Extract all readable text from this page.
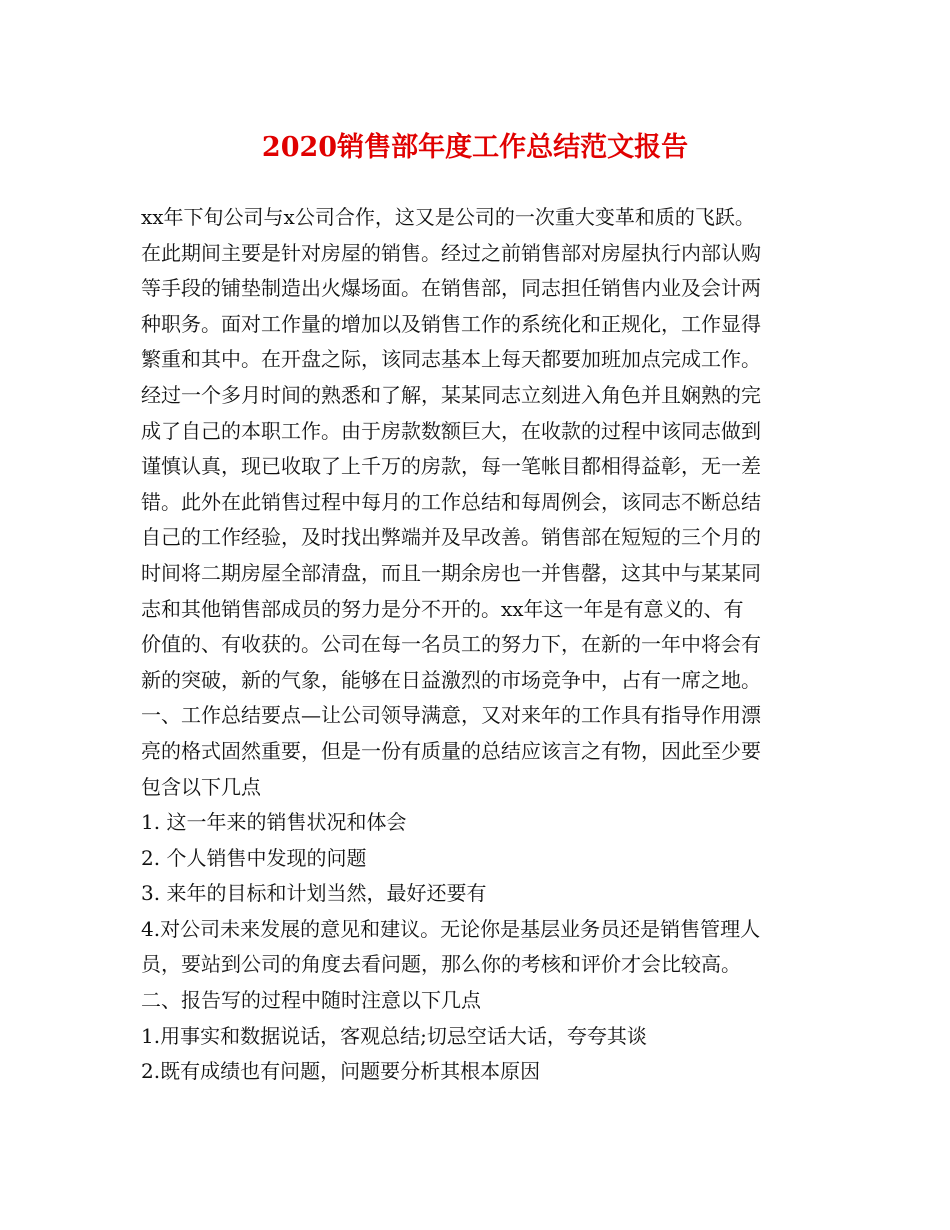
2020销售部年度工作总结范文报告
xx年下旬公司与x公司合作，这又是公司的一次重大变革和质的飞跃。
在此期间主要是针对房屋的销售。经过之前销售部对房屋执行内部认购
等手段的铺垫制造出火爆场面。在销售部，同志担任销售内业及会计两
种职务。面对工作量的增加以及销售工作的系统化和正规化，工作显得
繁重和其中。在开盘之际，该同志基本上每天都要加班加点完成工作。
经过一个多月时间的熟悉和了解，某某同志立刻进入角色并且娴熟的完
成了自己的本职工作。由于房款数额巨大，在收款的过程中该同志做到
谨慎认真，现已收取了上千万的房款，每一笔帐目都相得益彰，无一差
错。此外在此销售过程中每月的工作总结和每周例会，该同志不断总结
自己的工作经验，及时找出弊端并及早改善。销售部在短短的三个月的
时间将二期房屋全部清盘，而且一期余房也一并售罄，这其中与某某同
志和其他销售部成员的努力是分不开的。xx年这一年是有意义的、有
价值的、有收获的。公司在每一名员工的努力下，在新的一年中将会有
新的突破，新的气象，能够在日益激烈的市场竞争中，占有一席之地。
一、工作总结要点—让公司领导满意，又对来年的工作具有指导作用漂
亮的格式固然重要，但是一份有质量的总结应该言之有物，因此至少要
包含以下几点
1. 这一年来的销售状况和体会
2. 个人销售中发现的问题
3. 来年的目标和计划当然，最好还要有
4.对公司未来发展的意见和建议。无论你是基层业务员还是销售管理人
员，要站到公司的角度去看问题，那么你的考核和评价才会比较高。
二、报告写的过程中随时注意以下几点
1.用事实和数据说话，客观总结;切忌空话大话，夸夸其谈
2.既有成绩也有问题，问题要分析其根本原因
